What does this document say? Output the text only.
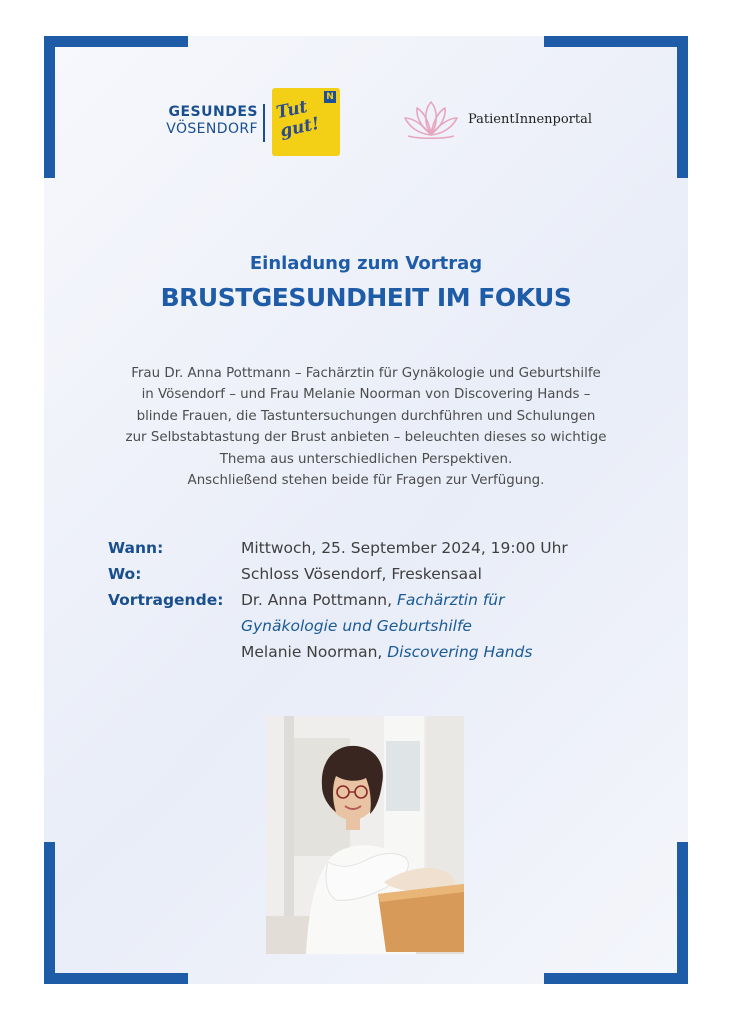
GESUNDES
VÖSENDORF
N
Tut gut!	PatientInnenportal
Einladung zum Vortrag
BRUSTGESUNDHEIT IM FOKUS

Frau Dr. Anna Pottmann – Fachärztin für Gynäkologie und Geburtshilfe
in Vösendorf – und Frau Melanie Noorman von Discovering Hands –
blinde Frauen, die Tastuntersuchungen durchführen und Schulungen
zur Selbstabtastung der Brust anbieten – beleuchten dieses so wichtige
Thema aus unterschiedlichen Perspektiven.
Anschließend stehen beide für Fragen zur Verfügung.

Wann:	Mittwoch, 25. September 2024, 19:00 Uhr
Wo:	Schloss Vösendorf, Freskensaal
Vortragende: Dr. Anna Pottmann, Fachärztin für
Gynäkologie und Geburtshilfe
Melanie Noorman, Discovering Hands
